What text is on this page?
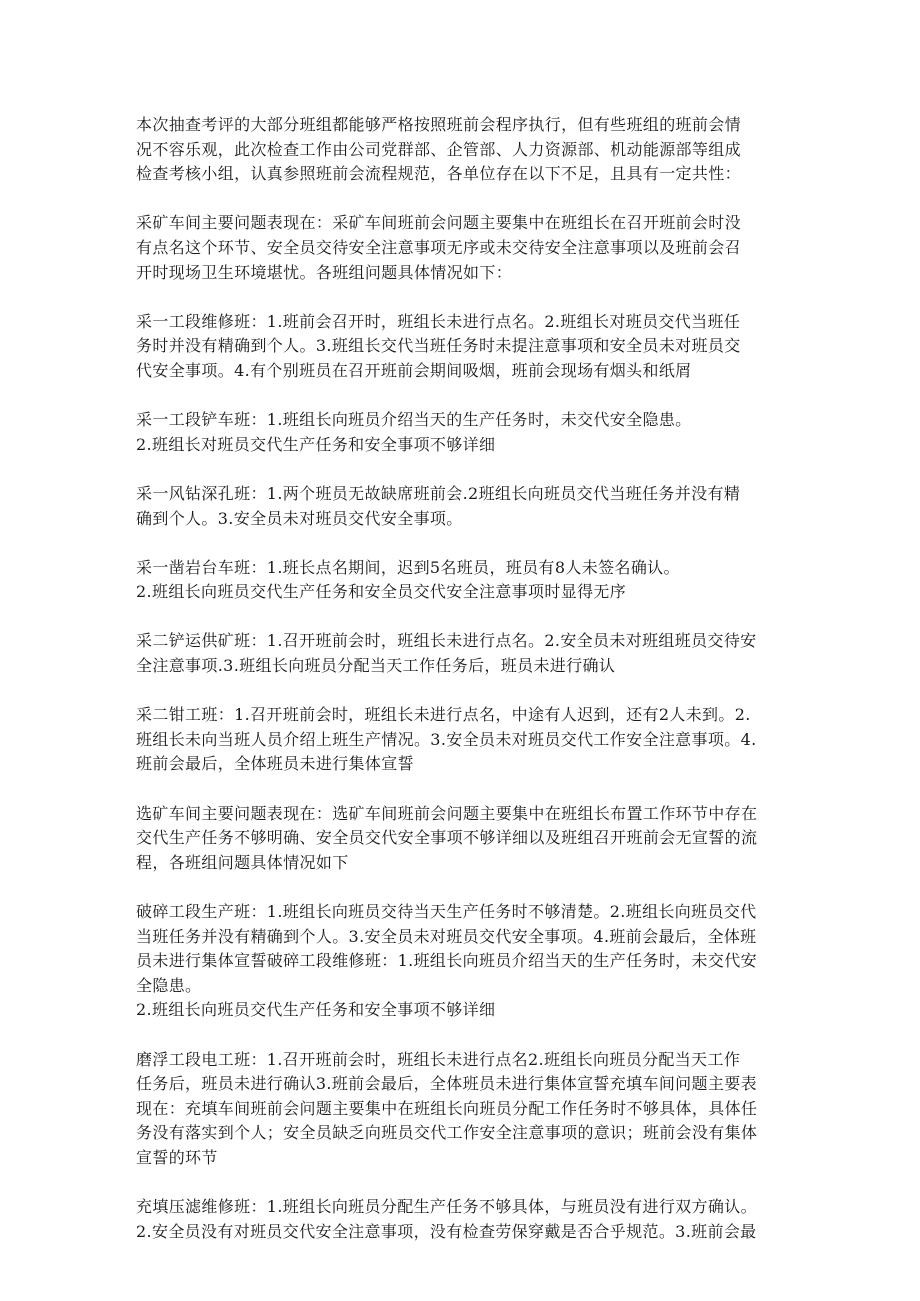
本次抽查考评的大部分班组都能够严格按照班前会程序执行，但有些班组的班前会情
况不容乐观，此次检查工作由公司党群部、企管部、人力资源部、机动能源部等组成
检查考核小组，认真参照班前会流程规范，各单位存在以下不足，且具有一定共性：

采矿车间主要问题表现在：采矿车间班前会问题主要集中在班组长在召开班前会时没
有点名这个环节、安全员交待安全注意事项无序或未交待安全注意事项以及班前会召
开时现场卫生环境堪忧。各班组问题具体情况如下：

采一工段维修班：1.班前会召开时，班组长未进行点名。2.班组长对班员交代当班任
务时并没有精确到个人。3.班组长交代当班任务时未提注意事项和安全员未对班员交
代安全事项。4.有个别班员在召开班前会期间吸烟，班前会现场有烟头和纸屑

采一工段铲车班：1.班组长向班员介绍当天的生产任务时，未交代安全隐患。
2.班组长对班员交代生产任务和安全事项不够详细

采一风钻深孔班：1.两个班员无故缺席班前会.2班组长向班员交代当班任务并没有精
确到个人。3.安全员未对班员交代安全事项。

采一凿岩台车班：1.班长点名期间，迟到5名班员，班员有8人未签名确认。
2.班组长向班员交代生产任务和安全员交代安全注意事项时显得无序

采二铲运供矿班：1.召开班前会时，班组长未进行点名。2.安全员未对班组班员交待安
全注意事项.3.班组长向班员分配当天工作任务后，班员未进行确认

采二钳工班：1.召开班前会时，班组长未进行点名，中途有人迟到，还有2人未到。2.
班组长未向当班人员介绍上班生产情况。3.安全员未对班员交代工作安全注意事项。4.
班前会最后，全体班员未进行集体宣誓

选矿车间主要问题表现在：选矿车间班前会问题主要集中在班组长布置工作环节中存在
交代生产任务不够明确、安全员交代安全事项不够详细以及班组召开班前会无宣誓的流
程，各班组问题具体情况如下

破碎工段生产班：1.班组长向班员交待当天生产任务时不够清楚。2.班组长向班员交代
当班任务并没有精确到个人。3.安全员未对班员交代安全事项。4.班前会最后，全体班
员未进行集体宣誓破碎工段维修班：1.班组长向班员介绍当天的生产任务时，未交代安
全隐患。
2.班组长向班员交代生产任务和安全事项不够详细

磨浮工段电工班：1.召开班前会时，班组长未进行点名2.班组长向班员分配当天工作
任务后，班员未进行确认3.班前会最后，全体班员未进行集体宣誓充填车间问题主要表
现在：充填车间班前会问题主要集中在班组长向班员分配工作任务时不够具体，具体任
务没有落实到个人；安全员缺乏向班员交代工作安全注意事项的意识；班前会没有集体
宣誓的环节

充填压滤维修班：1.班组长向班员分配生产任务不够具体，与班员没有进行双方确认。
2.安全员没有对班员交代安全注意事项，没有检查劳保穿戴是否合乎规范。3.班前会最
